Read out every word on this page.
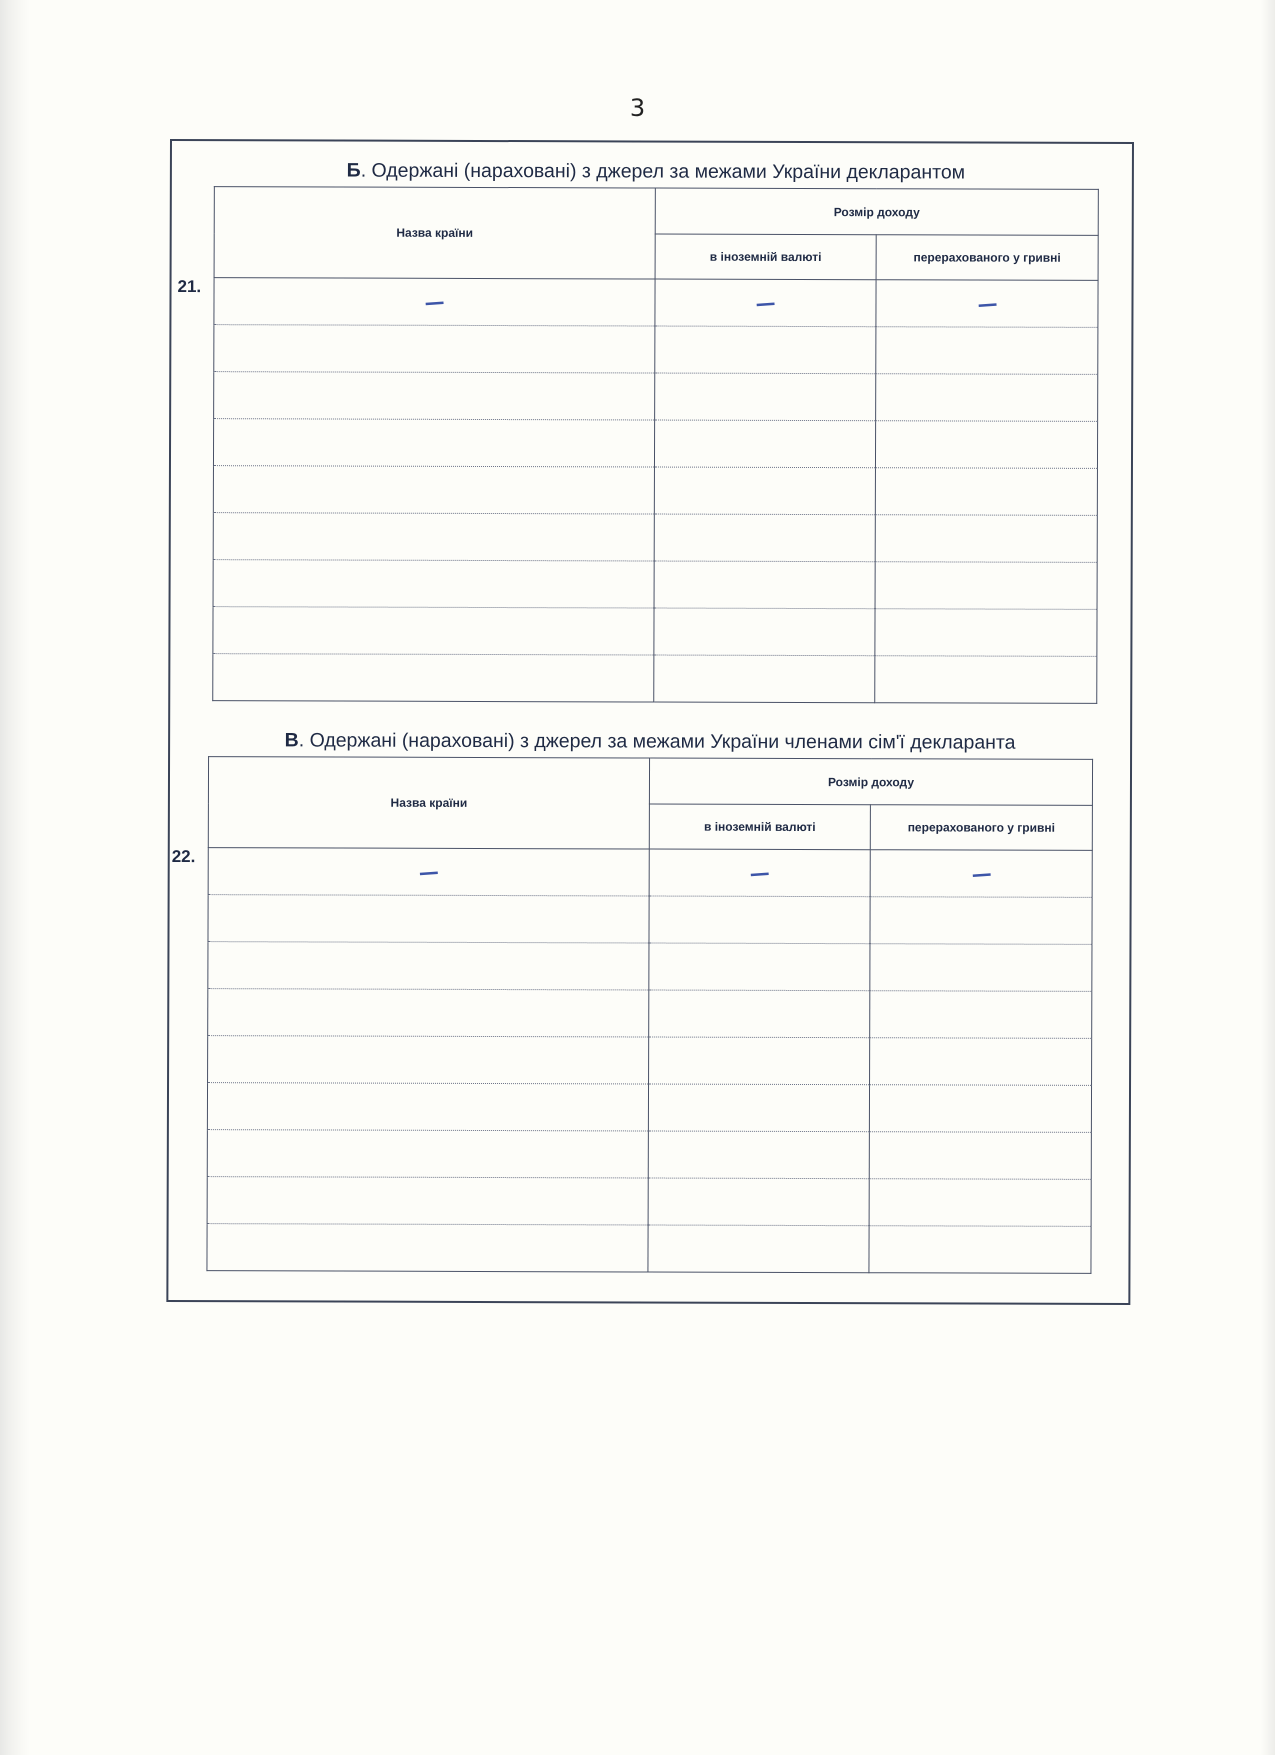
3
Б. Одержані (нараховані) з джерел за межами України декларантом
21.
Назва країни	Розмір доходу	
	в іноземній валюті	перерахованого у гривні
—	—	—

В. Одержані (нараховані) з джерел за межами України членами сім'ї декларанта
22.
Назва країни	Розмір доходу	
	в іноземній валюті	перерахованого у гривні
—	—	—
